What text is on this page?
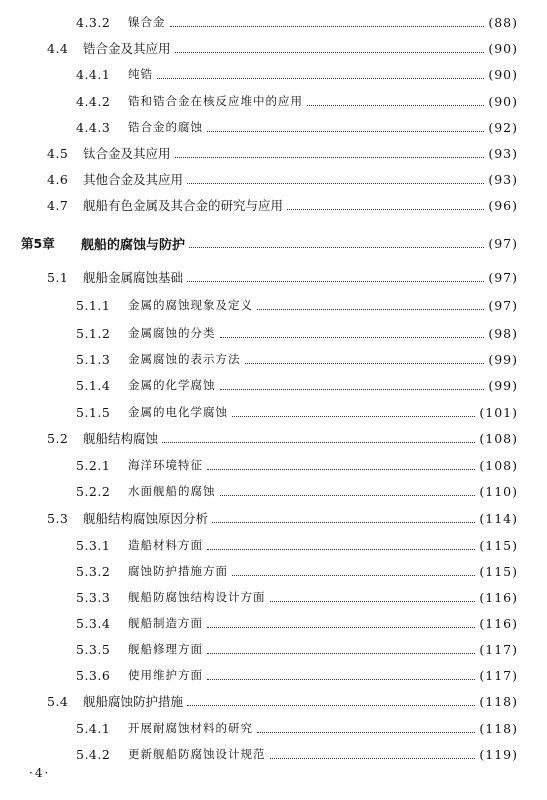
4.3.2	镍合金	(88)
4.4	锆合金及其应用	(90)
4.4.1	纯锆	(90)
4.4.2	锆和锆合金在核反应堆中的应用	(90)
4.4.3	锆合金的腐蚀	(92)
4.5	钛合金及其应用	(93)
4.6	其他合金及其应用	(93)
4.7	舰船有色金属及其合金的研究与应用	(96)
第5章	舰船的腐蚀与防护	(97)
5.1	舰船金属腐蚀基础	(97)
5.1.1	金属的腐蚀现象及定义	(97)
5.1.2	金属腐蚀的分类	(98)
5.1.3	金属腐蚀的表示方法	(99)
5.1.4	金属的化学腐蚀	(99)
5.1.5	金属的电化学腐蚀	(101)
5.2	舰船结构腐蚀	(108)
5.2.1	海洋环境特征	(108)
5.2.2	水面舰船的腐蚀	(110)
5.3	舰船结构腐蚀原因分析	(114)
5.3.1	造船材料方面	(115)
5.3.2	腐蚀防护措施方面	(115)
5.3.3	舰船防腐蚀结构设计方面	(116)
5.3.4	舰船制造方面	(116)
5.3.5	舰船修理方面	(117)
5.3.6	使用维护方面	(117)
5.4	舰船腐蚀防护措施	(118)
5.4.1	开展耐腐蚀材料的研究	(118)
5.4.2	更新舰船防腐蚀设计规范	(119)
·4·
